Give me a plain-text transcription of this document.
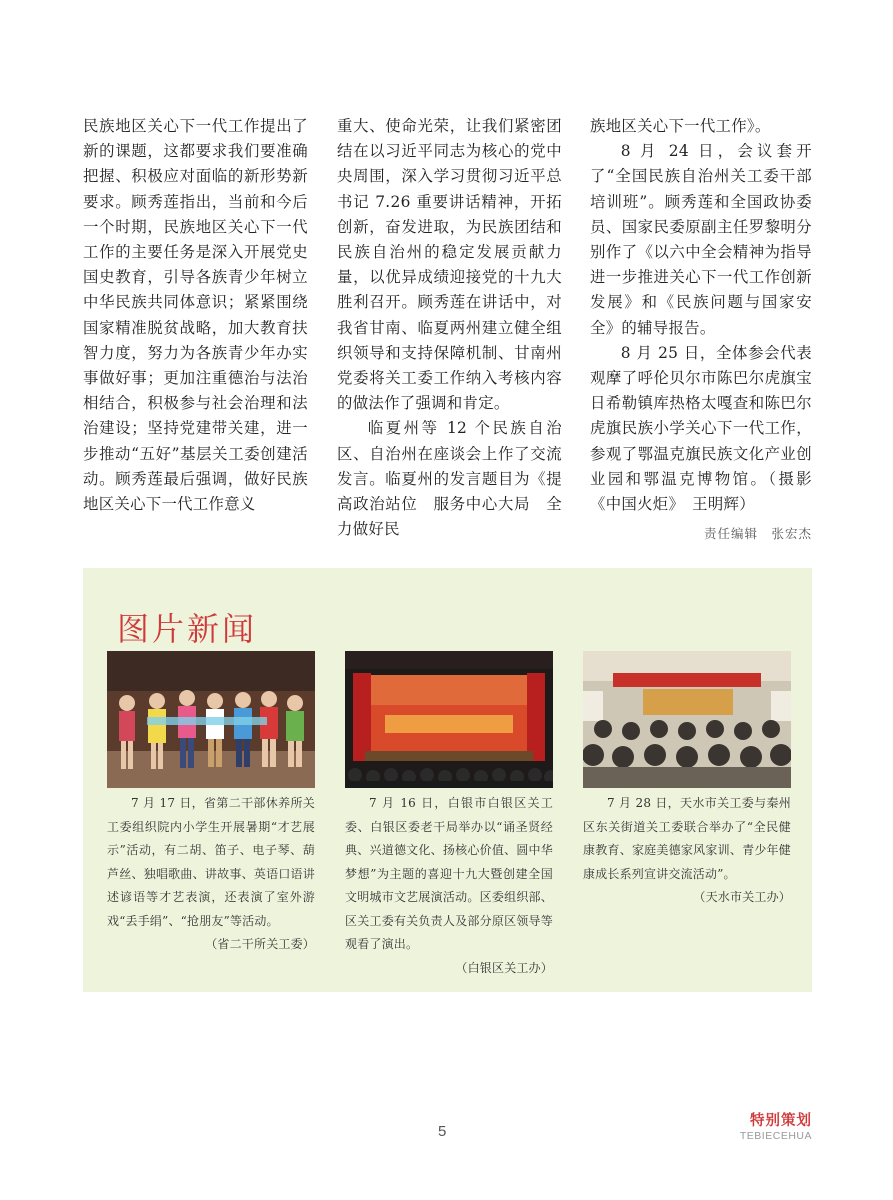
民族地区关心下一代工作提出了新的课题，这都要求我们要准确把握、积极应对面临的新形势新要求。顾秀莲指出，当前和今后一个时期，民族地区关心下一代工作的主要任务是深入开展党史国史教育，引导各族青少年树立中华民族共同体意识；紧紧围绕国家精准脱贫战略，加大教育扶智力度，努力为各族青少年办实事做好事；更加注重德治与法治相结合，积极参与社会治理和法治建设；坚持党建带关建，进一步推动“五好”基层关工委创建活动。顾秀莲最后强调，做好民族地区关心下一代工作意义

重大、使命光荣，让我们紧密团结在以习近平同志为核心的党中央周围，深入学习贯彻习近平总书记 7.26 重要讲话精神，开拓创新，奋发进取，为民族团结和民族自治州的稳定发展贡献力量，以优异成绩迎接党的十九大胜利召开。顾秀莲在讲话中，对我省甘南、临夏两州建立健全组织领导和支持保障机制、甘南州党委将关工委工作纳入考核内容的做法作了强调和肯定。

临夏州等 12 个民族自治区、自治州在座谈会上作了交流发言。临夏州的发言题目为《提高政治站位　服务中心大局　全力做好民

族地区关心下一代工作》。

8 月 24 日，会议套开了“全国民族自治州关工委干部培训班”。顾秀莲和全国政协委员、国家民委原副主任罗黎明分别作了《以六中全会精神为指导　进一步推进关心下一代工作创新发展》和《民族问题与国家安全》的辅导报告。

8 月 25 日，全体参会代表观摩了呼伦贝尔市陈巴尔虎旗宝日希勒镇库热格太嘎查和陈巴尔虎旗民族小学关心下一代工作，参观了鄂温克旗民族文化产业创业园和鄂温克博物馆。（摄影《中国火炬》　王明辉）

责任编辑　张宏杰

图片新闻

7 月 17 日，省第二干部休养所关工委组织院内小学生开展暑期“才艺展示”活动，有二胡、笛子、电子琴、葫芦丝、独唱歌曲、讲故事、英语口语讲述谚语等才艺表演，还表演了室外游戏“丢手绢”、“抢朋友”等活动。

（省二干所关工委）

7 月 16 日，白银市白银区关工委、白银区委老干局举办以“诵圣贤经典、兴道德文化、扬核心价值、圆中华梦想”为主题的喜迎十九大暨创建全国文明城市文艺展演活动。区委组织部、区关工委有关负责人及部分原区领导等观看了演出。

（白银区关工办）

7 月 28 日，天水市关工委与秦州区东关街道关工委联合举办了“全民健康教育、家庭美德家风家训、青少年健康成长系列宣讲交流活动”。

（天水市关工办）

5
特别策划
TEBIECEHUA
